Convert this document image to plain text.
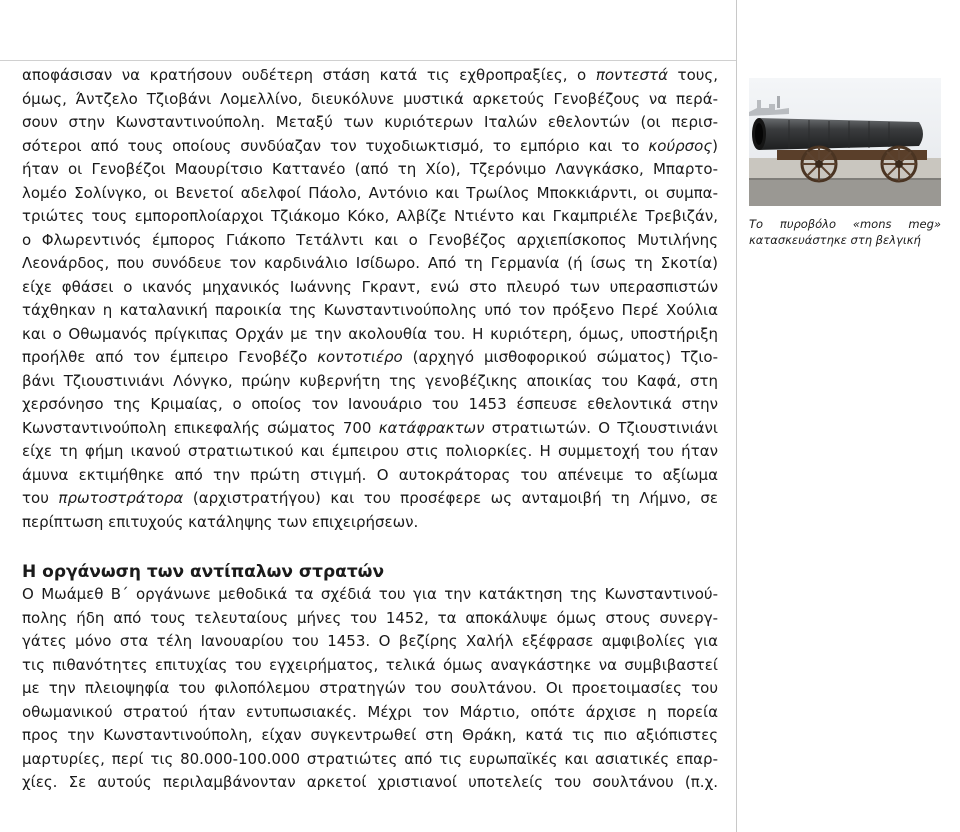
αποφάσισαν να κρατήσουν ουδέτερη στάση κατά τις εχθροπραξίες, ο ποντεστά τους,
όμως, Άντζελο Τζιοβάνι Λομελλίνο, διευκόλυνε μυστικά αρκετούς Γενοβέζους να περά-
σουν στην Κωνσταντινούπολη. Μεταξύ των κυριότερων Ιταλών εθελοντών (οι περισ-
σότεροι από τους οποίους συνδύαζαν τον τυχοδιωκτισμό, το εμπόριο και το κούρσος)
ήταν οι Γενοβέζοι Μαουρίτσιο Καττανέο (από τη Χίο), Τζερόνιμο Λανγκάσκο, Μπαρτο-
λομέο Σολίνγκο, οι Βενετοί αδελφοί Πάολο, Αντόνιο και Τρωίλος Μποκκιάρντι, οι συμπα-
τριώτες τους εμποροπλοίαρχοι Τζιάκομο Κόκο, Αλβίζε Ντιέντο και Γκαμπριέλε Τρεβιζάν,
ο Φλωρεντινός έμπορος Γιάκοπο Τετάλντι και ο Γενοβέζος αρχιεπίσκοπος Μυτιλήνης
Λεονάρδος, που συνόδευε τον καρδινάλιο Ισίδωρο. Από τη Γερμανία (ή ίσως τη Σκοτία)
είχε φθάσει ο ικανός μηχανικός Ιωάννης Γκραντ, ενώ στο πλευρό των υπερασπιστών
τάχθηκαν η καταλανική παροικία της Κωνσταντινούπολης υπό τον πρόξενο Περέ Χούλια
και ο Οθωμανός πρίγκιπας Ορχάν με την ακολουθία του. Η κυριότερη, όμως, υποστήριξη
προήλθε από τον έμπειρο Γενοβέζο κοντοτιέρο (αρχηγό μισθοφορικού σώματος) Τζιο-
βάνι Τζιουστινιάνι Λόνγκο, πρώην κυβερνήτη της γενοβέζικης αποικίας του Καφά, στη
χερσόνησο της Κριμαίας, ο οποίος τον Ιανουάριο του 1453 έσπευσε εθελοντικά στην
Κωνσταντινούπολη επικεφαλής σώματος 700 κατάφρακτων στρατιωτών. Ο Τζιουστινιάνι
είχε τη φήμη ικανού στρατιωτικού και έμπειρου στις πολιορκίες. Η συμμετοχή του ήταν
άμυνα εκτιμήθηκε από την πρώτη στιγμή. Ο αυτοκράτορας του απένειμε το αξίωμα
του πρωτοστράτορα (αρχιστρατήγου) και του προσέφερε ως ανταμοιβή τη Λήμνο, σε
περίπτωση επιτυχούς κατάληψης των επιχειρήσεων.
Η οργάνωση των αντίπαλων στρατών
Ο Μωάμεθ Β΄ οργάνωνε μεθοδικά τα σχέδιά του για την κατάκτηση της Κωνσταντινού-
πολης ήδη από τους τελευταίους μήνες του 1452, τα αποκάλυψε όμως στους συνεργ-
γάτες μόνο στα τέλη Ιανουαρίου του 1453. Ο βεζίρης Χαλήλ εξέφρασε αμφιβολίες για
τις πιθανότητες επιτυχίας του εγχειρήματος, τελικά όμως αναγκάστηκε να συμβιβαστεί
με την πλειοψηφία του φιλοπόλεμου στρατηγών του σουλτάνου. Οι προετοιμασίες του
οθωμανικού στρατού ήταν εντυπωσιακές. Μέχρι τον Μάρτιο, οπότε άρχισε η πορεία
προς την Κωνσταντινούπολη, είχαν συγκεντρωθεί στη Θράκη, κατά τις πιο αξιόπιστες
μαρτυρίες, περί τις 80.000-100.000 στρατιώτες από τις ευρωπαϊκές και ασιατικές επαρ-
χίες. Σε αυτούς περιλαμβάνονταν αρκετοί χριστιανοί υποτελείς του σουλτάνου (π.χ.
Το πυροβόλο «mons meg»
κατασκευάστηκε στη βελγική
